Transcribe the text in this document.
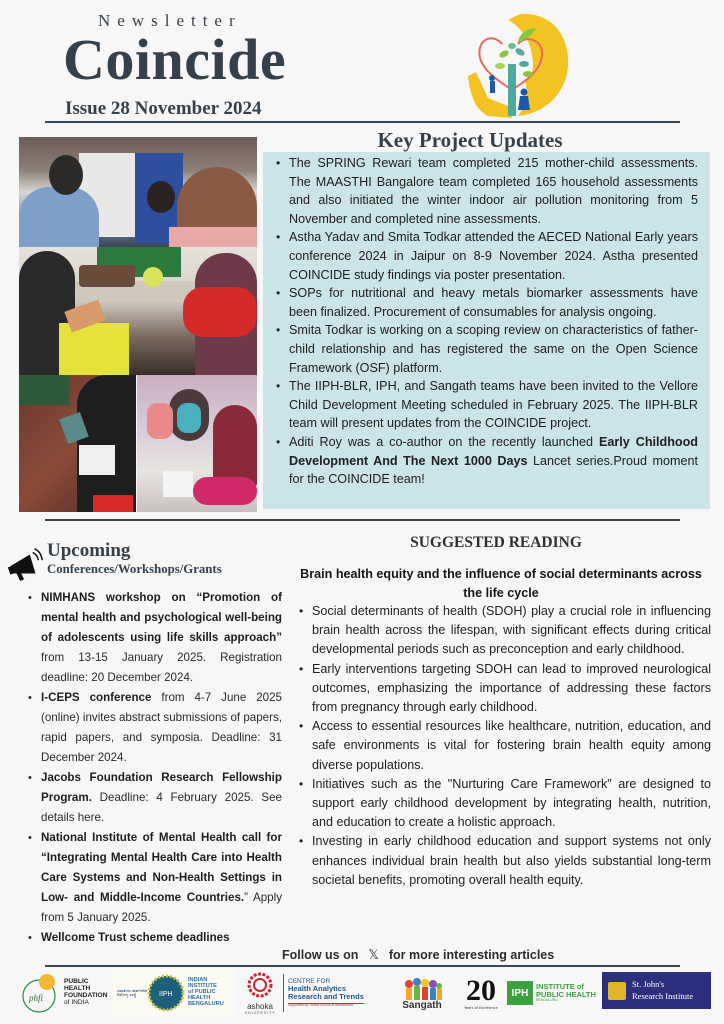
Newsletter
Coincide
Issue 28 November 2024
Key Project Updates
• The SPRING Rewari team completed 215 mother-child assessments. The MAASTHI Bangalore team completed 165 household assessments and also initiated the winter indoor air pollution monitoring from 5 November and completed nine assessments.
• Astha Yadav and Smita Todkar attended the AECED National Early years conference 2024 in Jaipur on 8-9 November 2024. Astha presented COINCIDE study findings via poster presentation.
• SOPs for nutritional and heavy metals biomarker assessments have been finalized. Procurement of consumables for analysis ongoing.
• Smita Todkar is working on a scoping review on characteristics of father-child relationship and has registered the same on the Open Science Framework (OSF) platform.
• The IIPH-BLR, IPH, and Sangath teams have been invited to the Vellore Child Development Meeting scheduled in February 2025. The IIPH-BLR team will present updates from the COINCIDE project.
• Aditi Roy was a co-author on the recently launched Early Childhood Development And The Next 1000 Days Lancet series.Proud moment for the COINCIDE team!
Upcoming
Conferences/Workshops/Grants
• NIMHANS workshop on “Promotion of mental health and psychological well-being of adolescents using life skills approach” from 13-15 January 2025. Registration deadline: 20 December 2024.
• I-CEPS conference from 4-7 June 2025 (online) invites abstract submissions of papers, rapid papers, and symposia. Deadline: 31 December 2024.
• Jacobs Foundation Research Fellowship Program. Deadline: 4 February 2025. See details here.
• National Institute of Mental Health call for “Integrating Mental Health Care into Health Care Systems and Non-Health Settings in Low- and Middle-Income Countries.” Apply from 5 January 2025.
• Wellcome Trust scheme deadlines
SUGGESTED READING
Brain health equity and the influence of social determinants across the life cycle
• Social determinants of health (SDOH) play a crucial role in influencing brain health across the lifespan, with significant effects during critical developmental periods such as preconception and early childhood.
• Early interventions targeting SDOH can lead to improved neurological outcomes, emphasizing the importance of addressing these factors from pregnancy through early childhood.
• Access to essential resources like healthcare, nutrition, education, and safe environments is vital for fostering brain health equity among diverse populations.
• Initiatives such as the "Nurturing Care Framework" are designed to support early childhood development by integrating health, nutrition, and education to create a holistic approach.
• Investing in early childhood education and support systems not only enhances individual brain health but also yields substantial long-term societal benefits, promoting overall health equity.
Follow us on 𝕏 for more interesting articles
phfi
PUBLIC
HEALTH
FOUNDATION
of INDIA
ಭಾರತೀಯ ಸಾರ್ವಜನಿಕ ಆರೋಗ್ಯ ಸಂಸ್ಥೆ	IIPH
INDIAN
INSTITUTE
of PUBLIC
HEALTH
BENGALURU	ashoka
UNIVERSITY
CENTRE FOR
Health Analytics
Research and Trends
Supported by Trivedi School of Biosciences	Sangath 20
Years of Excellence
IPH
INSTITUTE of
PUBLIC HEALTH
BENGALURU
St. John's
Research Institute
